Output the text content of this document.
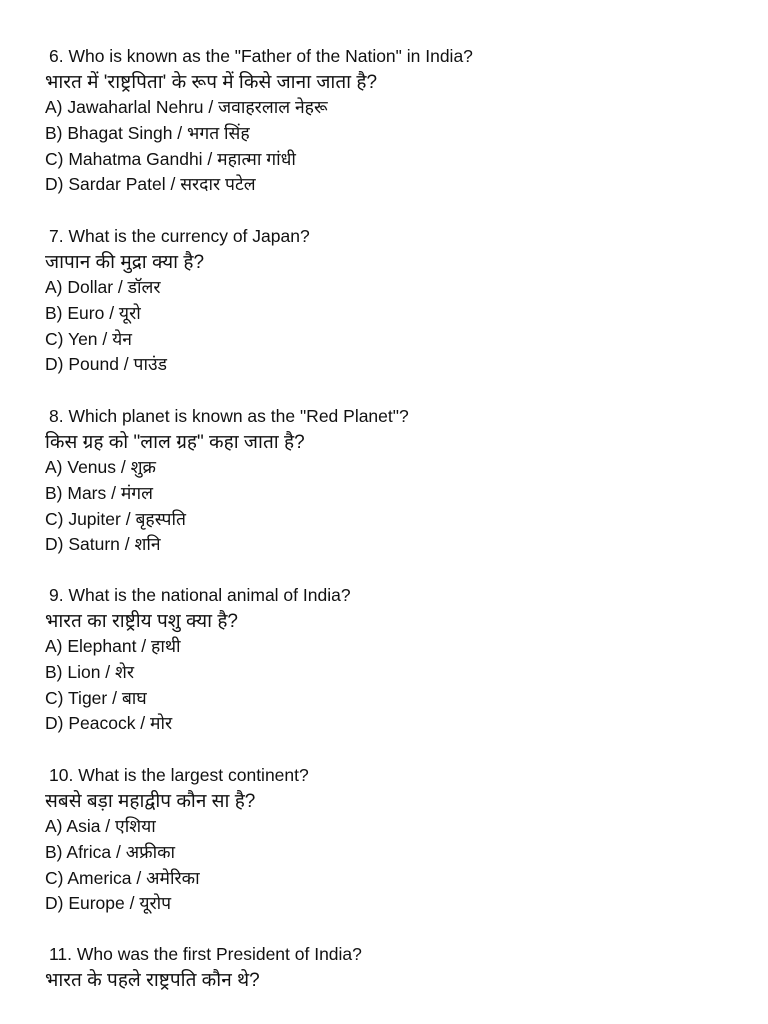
6. Who is known as the "Father of the Nation" in India?
भारत में 'राष्ट्रपिता' के रूप में किसे जाना जाता है?
A) Jawaharlal Nehru / जवाहरलाल नेहरू
B) Bhagat Singh / भगत सिंह
C) Mahatma Gandhi / महात्मा गांधी
D) Sardar Patel / सरदार पटेल
7. What is the currency of Japan?
जापान की मुद्रा क्या है?
A) Dollar / डॉलर
B) Euro / यूरो
C) Yen / येन
D) Pound / पाउंड
8. Which planet is known as the "Red Planet"?
किस ग्रह को "लाल ग्रह" कहा जाता है?
A) Venus / शुक्र
B) Mars / मंगल
C) Jupiter / बृहस्पति
D) Saturn / शनि
9. What is the national animal of India?
भारत का राष्ट्रीय पशु क्या है?
A) Elephant / हाथी
B) Lion / शेर
C) Tiger / बाघ
D) Peacock / मोर
10. What is the largest continent?
सबसे बड़ा महाद्वीप कौन सा है?
A) Asia / एशिया
B) Africa / अफ्रीका
C) America / अमेरिका
D) Europe / यूरोप
11. Who was the first President of India?
भारत के पहले राष्ट्रपति कौन थे?
